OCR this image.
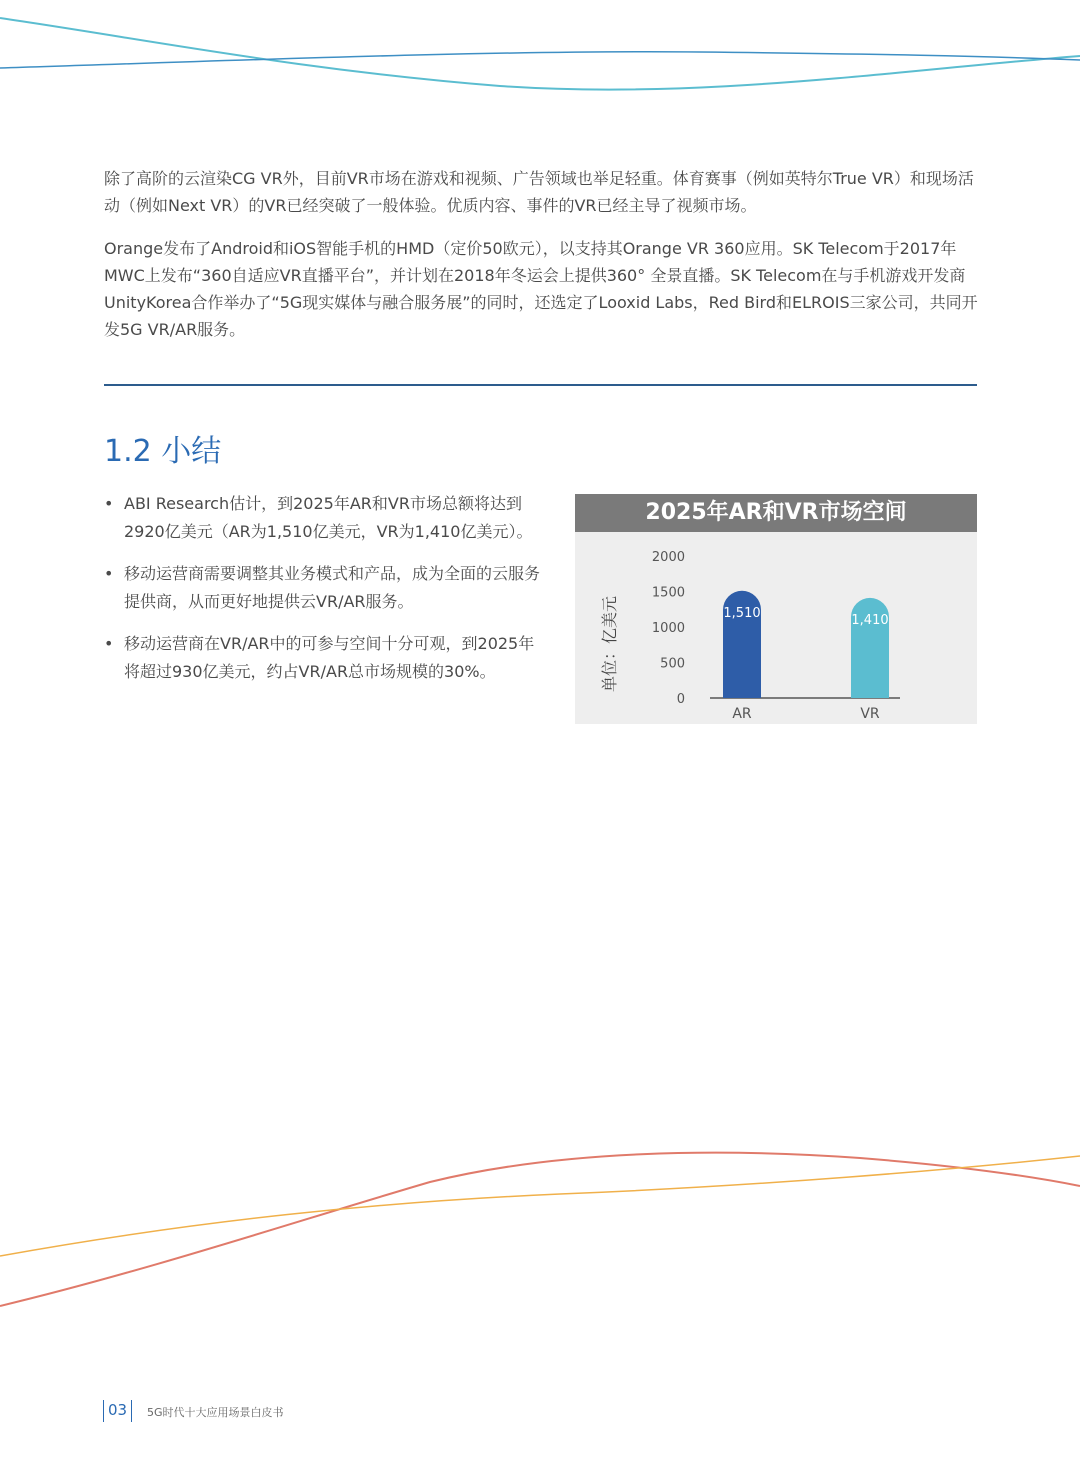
除了高阶的云渲染CG VR外，目前VR市场在游戏和视频、广告领域也举足轻重。体育赛事（例如英特尔True VR）和现场活动（例如Next VR）的VR已经突破了一般体验。优质内容、事件的VR已经主导了视频市场。

Orange发布了Android和iOS智能手机的HMD（定价50欧元），以支持其Orange VR 360应用。SK Telecom于2017年MWC上发布“360自适应VR直播平台”，并计划在2018年冬运会上提供360° 全景直播。SK Telecom在与手机游戏开发商UnityKorea合作举办了“5G现实媒体与融合服务展”的同时，还选定了Looxid Labs，Red Bird和ELROIS三家公司，共同开发5G VR/AR服务。

1.2 小结
• ABI Research估计，到2025年AR和VR市场总额将达到2920亿美元（AR为1,510亿美元，VR为1,410亿美元）。
• 移动运营商需要调整其业务模式和产品，成为全面的云服务提供商，从而更好地提供云VR/AR服务。
• 移动运营商在VR/AR中的可参与空间十分可观，到2025年将超过930亿美元，约占VR/AR总市场规模的30%。
2025年AR和VR市场空间
单位：亿美元
0
500
1000
1500
2000
1,510
AR
1,410
VR
03 5G时代十大应用场景白皮书
